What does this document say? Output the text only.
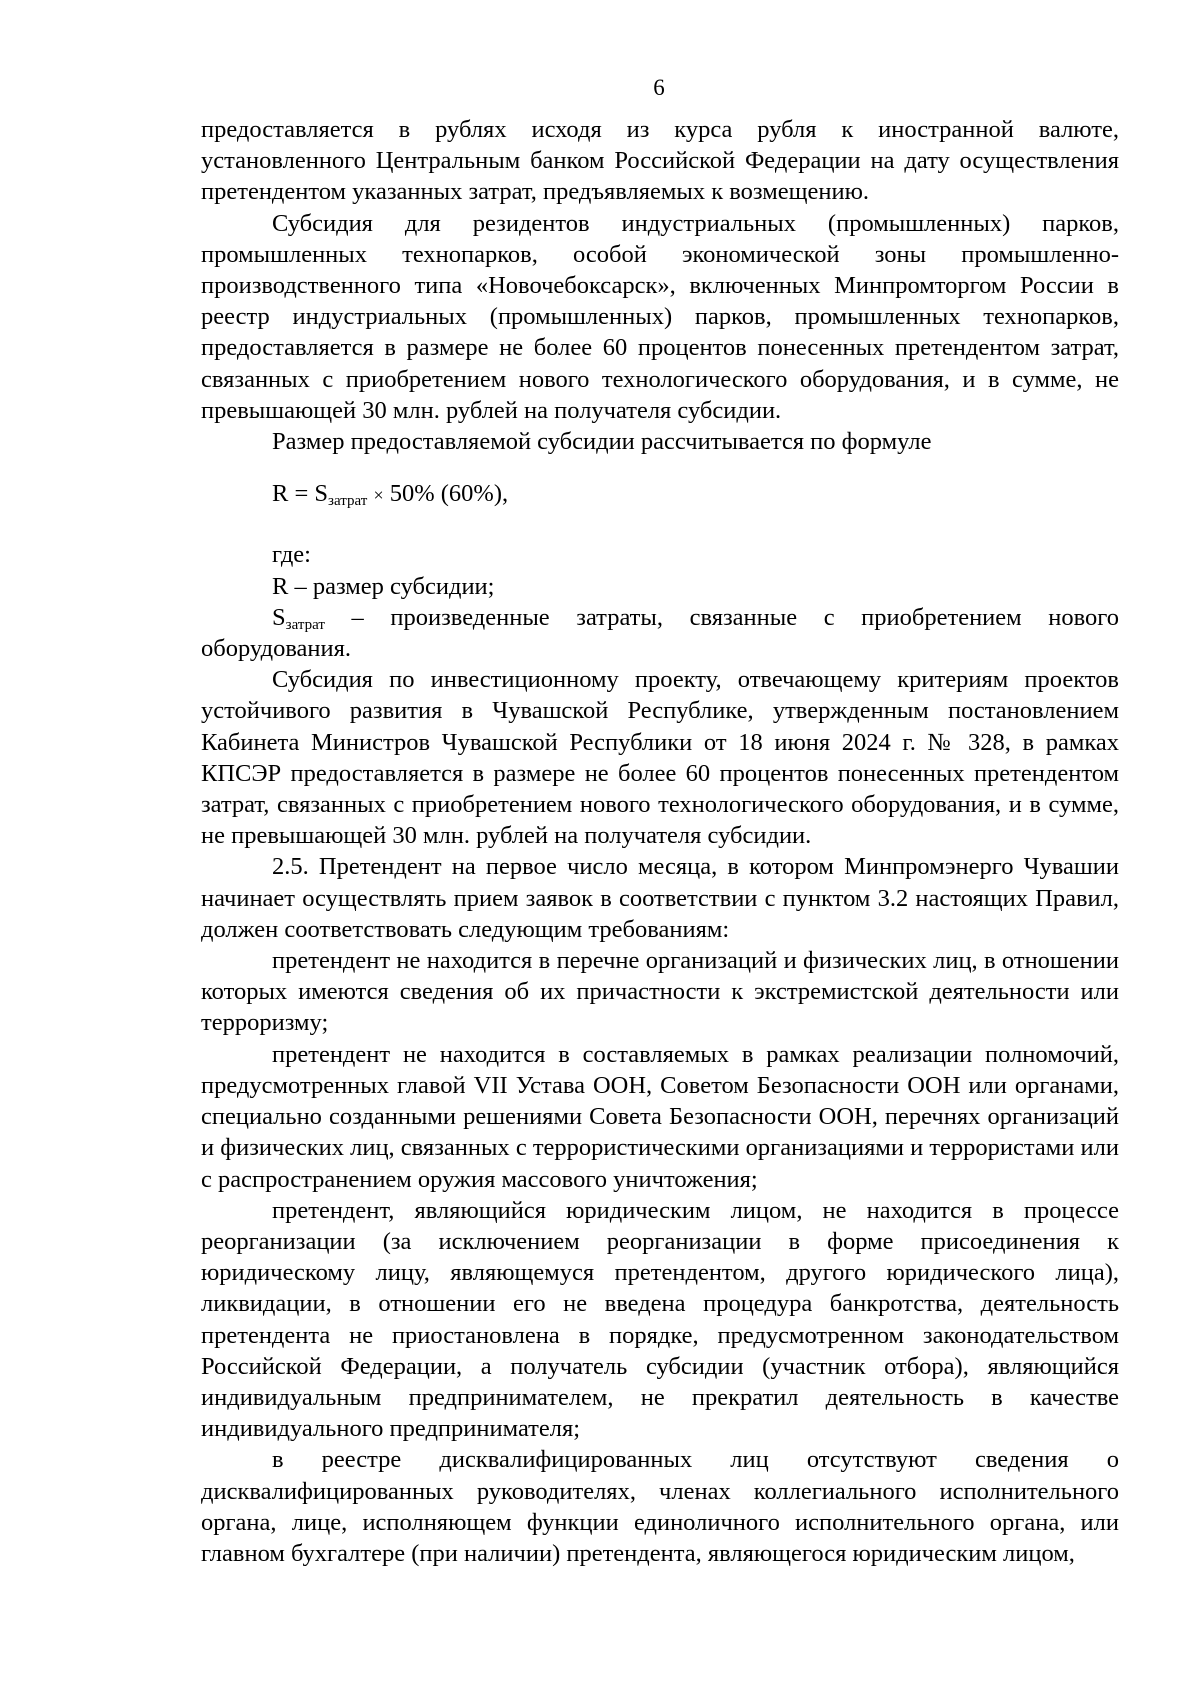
6

предоставляется в рублях исходя из курса рубля к иностранной валюте, установленного Центральным банком Российской Федерации на дату осуществления претендентом указанных затрат, предъявляемых к возмещению.

Субсидия для резидентов индустриальных (промышленных) парков, промышленных технопарков, особой экономической зоны промышленно-производственного типа «Новочебоксарск», включенных Минпромторгом России в реестр индустриальных (промышленных) парков, промышленных технопарков, предоставляется в размере не более 60 процентов понесенных претендентом затрат, связанных с приобретением нового технологического оборудования, и в сумме, не превышающей 30 млн. рублей на получателя субсидии.

Размер предоставляемой субсидии рассчитывается по формуле

$R = S_{затрат} \times 50\%$ (60%),

где:

R – размер субсидии;

$S_{затрат}$ – произведенные затраты, связанные с приобретением нового оборудования.

Субсидия по инвестиционному проекту, отвечающему критериям проектов устойчивого развития в Чувашской Республике, утвержденным постановлением Кабинета Министров Чувашской Республики от 18 июня 2024 г. № 328, в рамках КПСЭР предоставляется в размере не более 60 процентов понесенных претендентом затрат, связанных с приобретением нового технологического оборудования, и в сумме, не превышающей 30 млн. рублей на получателя субсидии.

2.5. Претендент на первое число месяца, в котором Минпромэнерго Чувашии начинает осуществлять прием заявок в соответствии с пунктом 3.2 настоящих Правил, должен соответствовать следующим требованиям:

претендент не находится в перечне организаций и физических лиц, в отношении которых имеются сведения об их причастности к экстремистской деятельности или терроризму;

претендент не находится в составляемых в рамках реализации полномочий, предусмотренных главой VII Устава ООН, Советом Безопасности ООН или органами, специально созданными решениями Совета Безопасности ООН, перечнях организаций и физических лиц, связанных с террористическими организациями и террористами или с распространением оружия массового уничтожения;

претендент, являющийся юридическим лицом, не находится в процессе реорганизации (за исключением реорганизации в форме присоединения к юридическому лицу, являющемуся претендентом, другого юридического лица), ликвидации, в отношении его не введена процедура банкротства, деятельность претендента не приостановлена в порядке, предусмотренном законодательством Российской Федерации, а получатель субсидии (участник отбора), являющийся индивидуальным предпринимателем, не прекратил деятельность в качестве индивидуального предпринимателя;

в реестре дисквалифицированных лиц отсутствуют сведения о дисквалифицированных руководителях, членах коллегиального исполнительного органа, лице, исполняющем функции единоличного исполнительного органа, или главном бухгалтере (при наличии) претендента, являющегося юридическим лицом,
